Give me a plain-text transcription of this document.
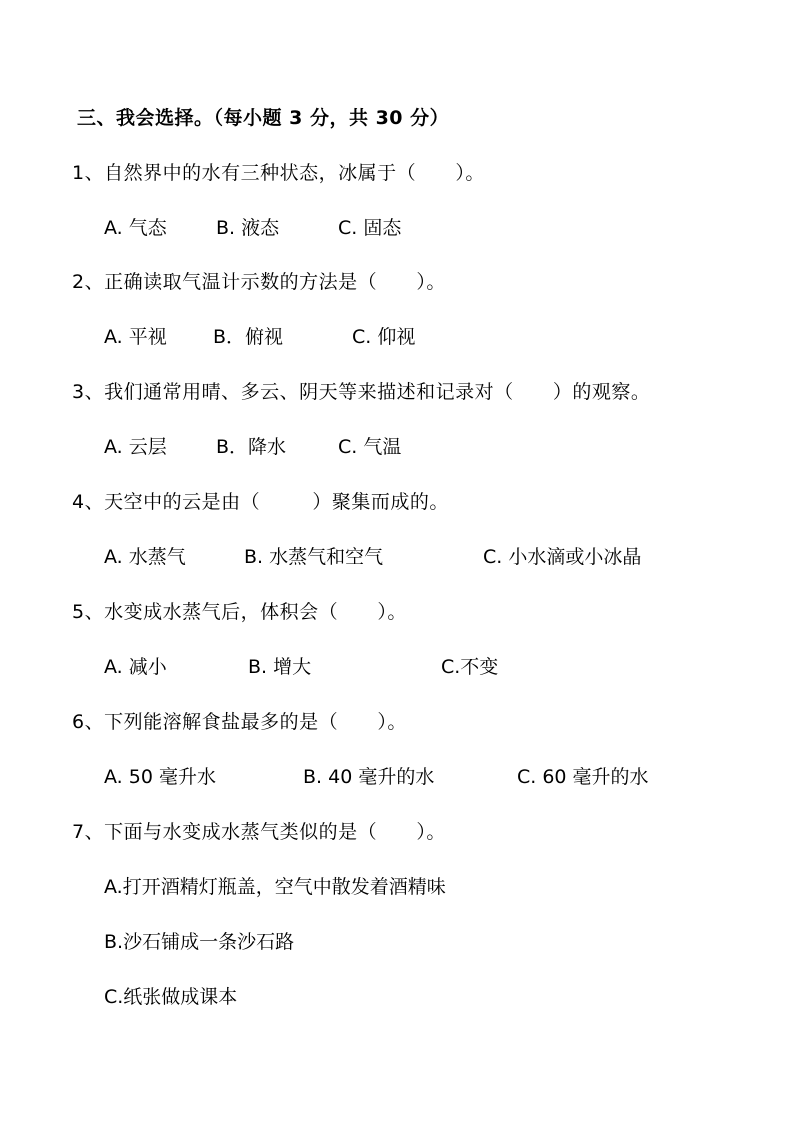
三、我会选择。（每小题 3 分，共 30 分）
1、自然界中的水有三种状态，冰属于（      ）。
A. 气态	B. 液态	C. 固态
2、正确读取气温计示数的方法是（      ）。
A. 平视 B．俯视	C. 仰视
3、我们通常用晴、多云、阴天等来描述和记录对（      ）的观察。
A. 云层	B．降水	C. 气温
4、天空中的云是由（        ）聚集而成的。
A. 水蒸气	B. 水蒸气和空气	C. 小水滴或小冰晶
5、水变成水蒸气后，体积会（      ）。
A. 减小	B. 增大	C.不变
6、下列能溶解食盐最多的是（      ）。
A. 50 毫升水	B. 40 毫升的水	C. 60 毫升的水
7、下面与水变成水蒸气类似的是（      ）。
A.打开酒精灯瓶盖，空气中散发着酒精味
B.沙石铺成一条沙石路
C.纸张做成课本
